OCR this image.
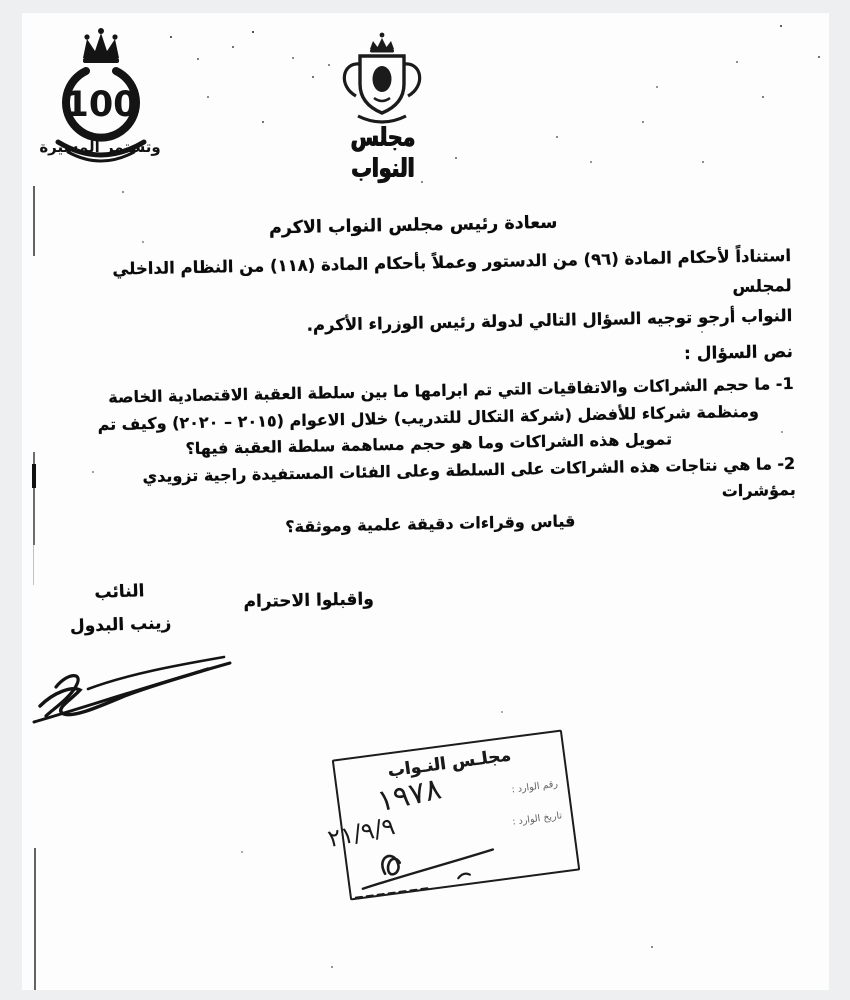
100
وتستمر المسيرة	مجلس النواب
سعادة رئيس مجلس النواب الاكرم
استناداً لأحكام المادة (٩٦) من الدستور وعملاً بأحكام المادة (١١٨) من النظام الداخلي لمجلس
النواب أرجو توجيه السؤال التالي لدولة رئيس الوزراء الأكرم.
نص السؤال :
1- ما حجم الشراكات والاتفاقيات التي تم ابرامها ما بين سلطة العقبة الاقتصادية الخاصة
ومنظمة شركاء للأفضل (شركة التكال للتدريب) خلال الاعوام (٢٠١٥ – ٢٠٢٠) وكيف تم
تمويل هذه الشراكات وما هو حجم مساهمة سلطة العقبة فيها؟
2- ما هي نتاجات هذه الشراكات على السلطة وعلى الفئات المستفيدة راجية تزويدي بمؤشرات
قياس وقراءات دقيقة علمية وموثقة؟
واقبلوا الاحترام
النائب
زينب البدول
مجلـس النـواب
رقم الوارد :
١٩٧٨	تاريخ الوارد :
٢١/٩/٩
